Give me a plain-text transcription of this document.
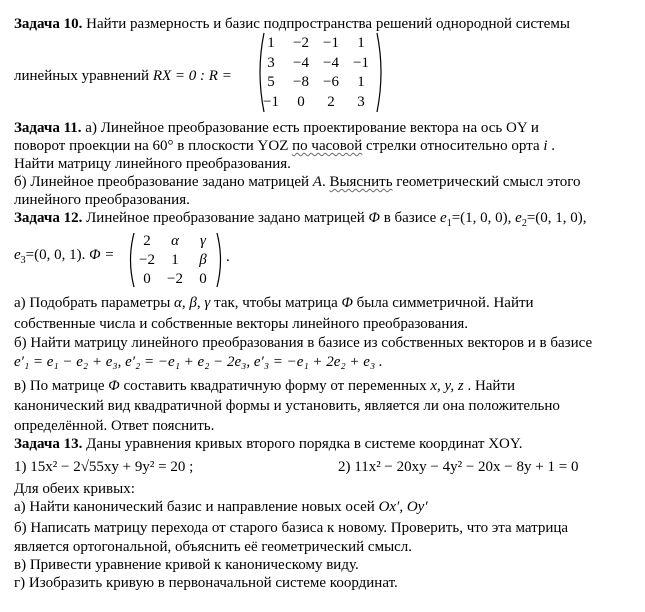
Задача 10. Найти размерность и базис подпространства решений однородной системы
линейных уравнений RX = 0 : R =
1	−2 −1	1
3	−4 −4 −1
5	−8 −6	1
−1	0	2	3
Задача 11. а) Линейное преобразование есть проектирование вектора на ось OY и
поворот проекции на 60° в плоскости YOZ по часовой стрелки относительно орта i .
Найти матрицу линейного преобразования.
б) Линейное преобразование задано матрицей A. Выяснить геометрический смысл этого
линейного преобразования.
Задача 12. Линейное преобразование задано матрицей Φ в базисе $e_1=(1$, 0, 0), $e_2=(0$, 1, 0),
$e_3=(0$, 0, 1). Φ =	.
2	α	γ
−2	1	β
0	−2	0
а) Подобрать параметры α, β, γ так, чтобы матрица Φ была симметричной. Найти
собственные числа и собственные векторы линейного преобразования.
б) Найти матрицу линейного преобразования в базисе из собственных векторов и в базисе
e′₁ = e₁ − e₂ + e₃, e′₂ = −e₁ + e₂ − 2e₃, e′₃ = −e₁ + 2e₂ + e₃ .
в) По матрице Φ составить квадратичную форму от переменных x, y, z . Найти
канонический вид квадратичной формы и установить, является ли она положительно
определённой. Ответ пояснить.
Задача 13. Даны уравнения кривых второго порядка в системе координат XOY.
1) 15x² − 2√55xy + 9y² = 20 ;	2) 11x² − 20xy − 4y² − 20x − 8y + 1 = 0
Для обеих кривых:
а) Найти канонический базис и направление новых осей Ox′, Oy′
б) Написать матрицу перехода от старого базиса к новому. Проверить, что эта матрица
является ортогональной, объяснить её геометрический смысл.
в) Привести уравнение кривой к каноническому виду.
г) Изобразить кривую в первоначальной системе координат.
